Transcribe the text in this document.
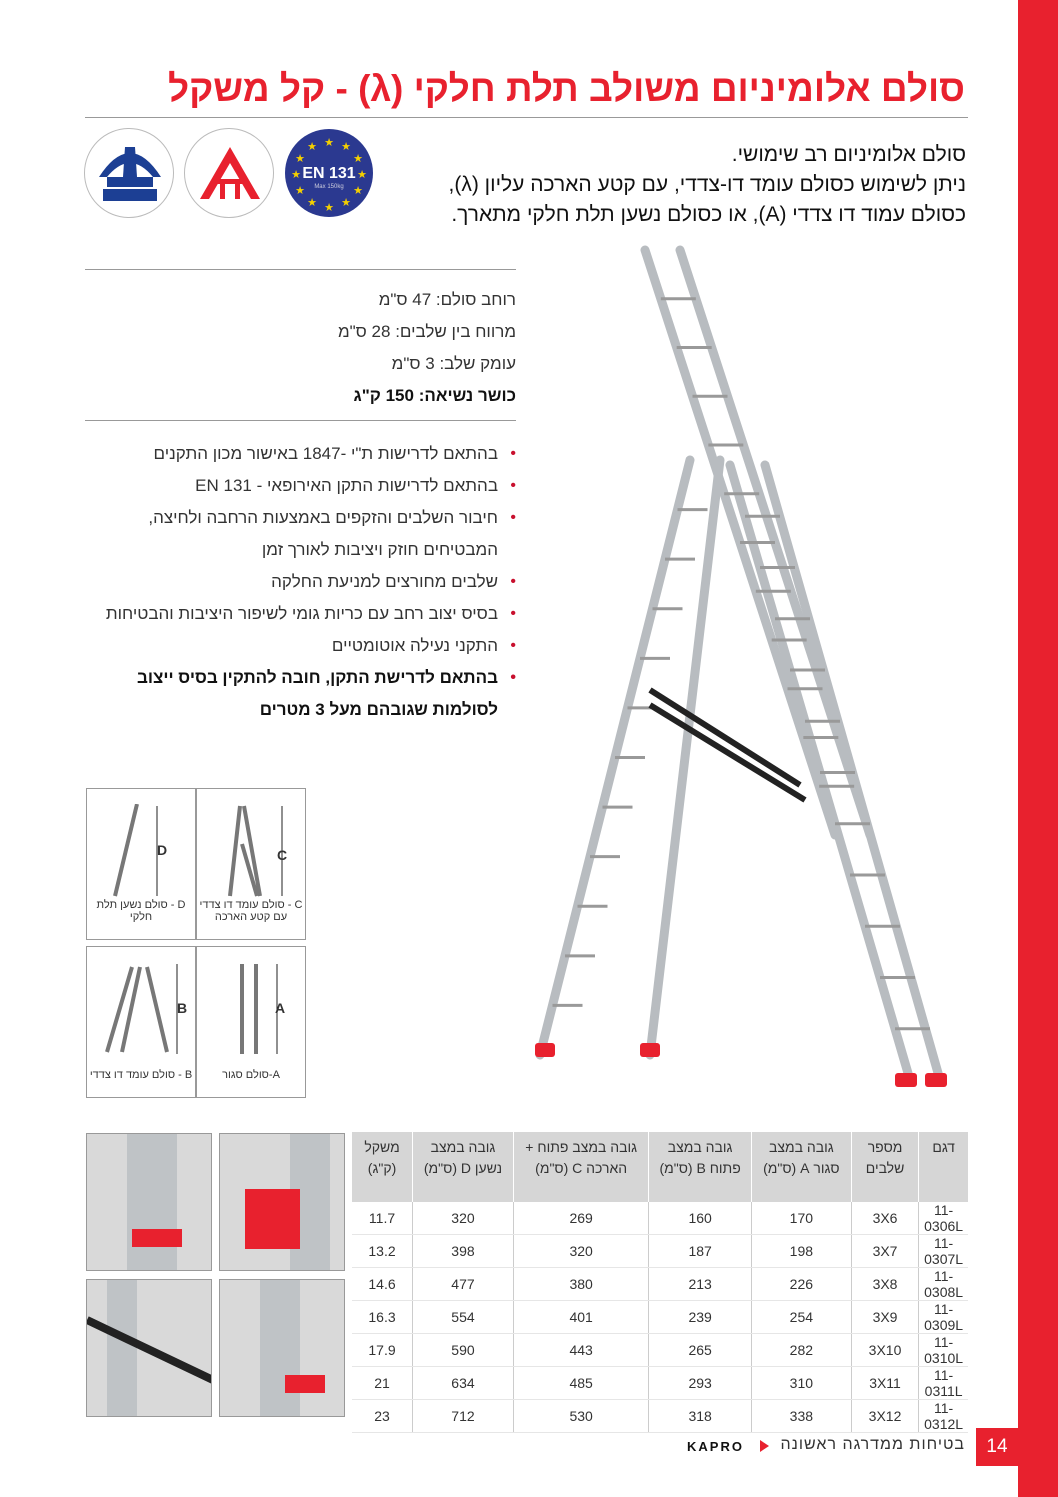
סולם אלומיניום משולב תלת חלקי (λ) - קל משקל
★ ★
★
★
★
★
★
★
★
★
★
★
EN 131
Max 150kg
סולם אלומיניום רב שימושי.
ניתן לשימוש כסולם עומד דו-צדדי, עם קטע הארכה עליון (λ),
כסולם עמוד דו צדדי (A), או כסולם נשען תלת חלקי מתארך.
רוחב סולם: 47 ס"מ
מרווח בין שלבים: 28 ס"מ
עומק שלב: 3 ס"מ
כושר נשיאה: 150 ק"ג
• בהתאם לדרישות ת"י -1847 באישור מכון התקנים
• בהתאם לדרישות התקן האירופאי - EN 131
• חיבור השלבים והזקפים באמצעות הרחבה ולחיצה, המבטיחים חוזק ויציבות לאורך זמן
• שלבים מחורצים למניעת החלקה
• בסיס יצוב רחב עם כריות גומי לשיפור היציבות והבטיחות
• התקני נעילה אוטומטיים
• בהתאם לדרישת התקן, חובה להתקין בסיס ייצוב לסולמות שגובהם מעל 3 מטרים
D
D - סולם נשען תלת חלקי
C
C - סולם עומד דו צדדי עם קטע הארכה
B
B - סולם עומד דו צדדי
A
A-סולם סגור
דגם	מספר שלבים	גובה במצב סגור A (ס"מ)	גובה במצב פתוח B (ס"מ)	גובה במצב פתוח + הארכה C (ס"מ)	גובה במצב נשען D (ס"מ)	משקל (ק"ג)
11-0306L	3X6	170	160	269	320	11.7
11-0307L	3X7	198	187	320	398	13.2
11-0308L	3X8	226	213	380	477	14.6
11-0309L	3X9	254	239	401	554	16.3
11-0310L	3X10	282	265	443	590	17.9
11-0311L	3X11	310	293	485	634	21
11-0312L	3X12	338	318	530	712	23
14
בטיחות ממדרגה ראשונה
KAPRO
